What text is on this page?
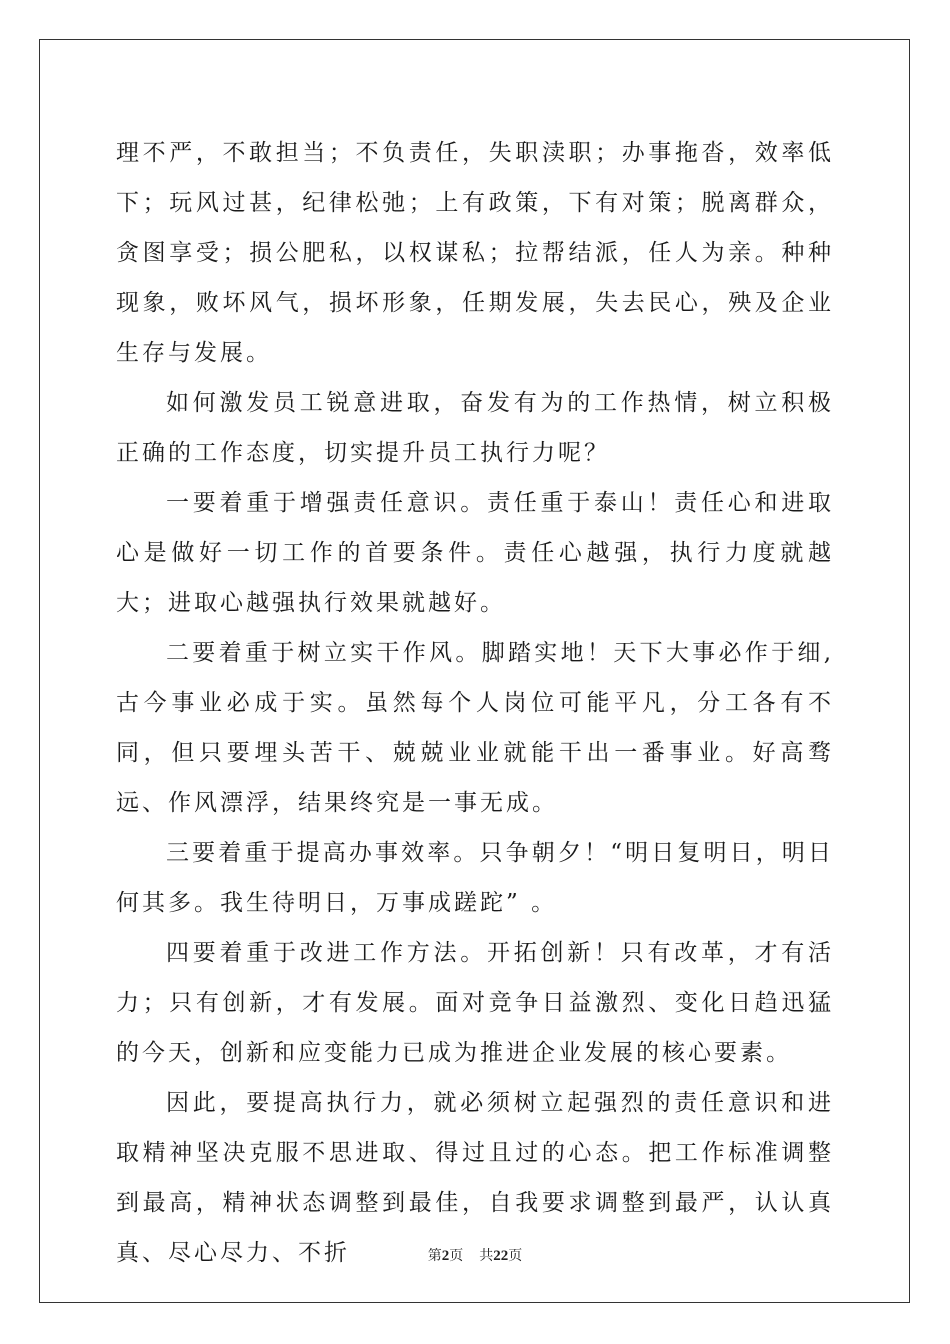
理不严，不敢担当；不负责任，失职渎职；办事拖沓，效率低下；玩风过甚，纪律松弛；上有政策，下有对策；脱离群众，贪图享受；损公肥私，以权谋私；拉帮结派，任人为亲。种种现象，败坏风气，损坏形象，任期发展，失去民心，殃及企业生存与发展。

如何激发员工锐意进取，奋发有为的工作热情，树立积极正确的工作态度，切实提升员工执行力呢？

一要着重于增强责任意识。责任重于泰山！责任心和进取心是做好一切工作的首要条件。责任心越强，执行力度就越大；进取心越强执行效果就越好。

二要着重于树立实干作风。脚踏实地！天下大事必作于细,古今事业必成于实。虽然每个人岗位可能平凡，分工各有不同，但只要埋头苦干、兢兢业业就能干出一番事业。好高骛远、作风漂浮，结果终究是一事无成。

三要着重于提高办事效率。只争朝夕！“明日复明日，明日何其多。我生待明日，万事成蹉跎” 。

四要着重于改进工作方法。开拓创新！只有改革，才有活力；只有创新，才有发展。面对竞争日益激烈、变化日趋迅猛的今天，创新和应变能力已成为推进企业发展的核心要素。

因此，要提高执行力，就必须树立起强烈的责任意识和进取精神坚决克服不思进取、得过且过的心态。把工作标准调整到最高，精神状态调整到最佳，自我要求调整到最严，认认真真、尽心尽力、不折	第2页 共22页
